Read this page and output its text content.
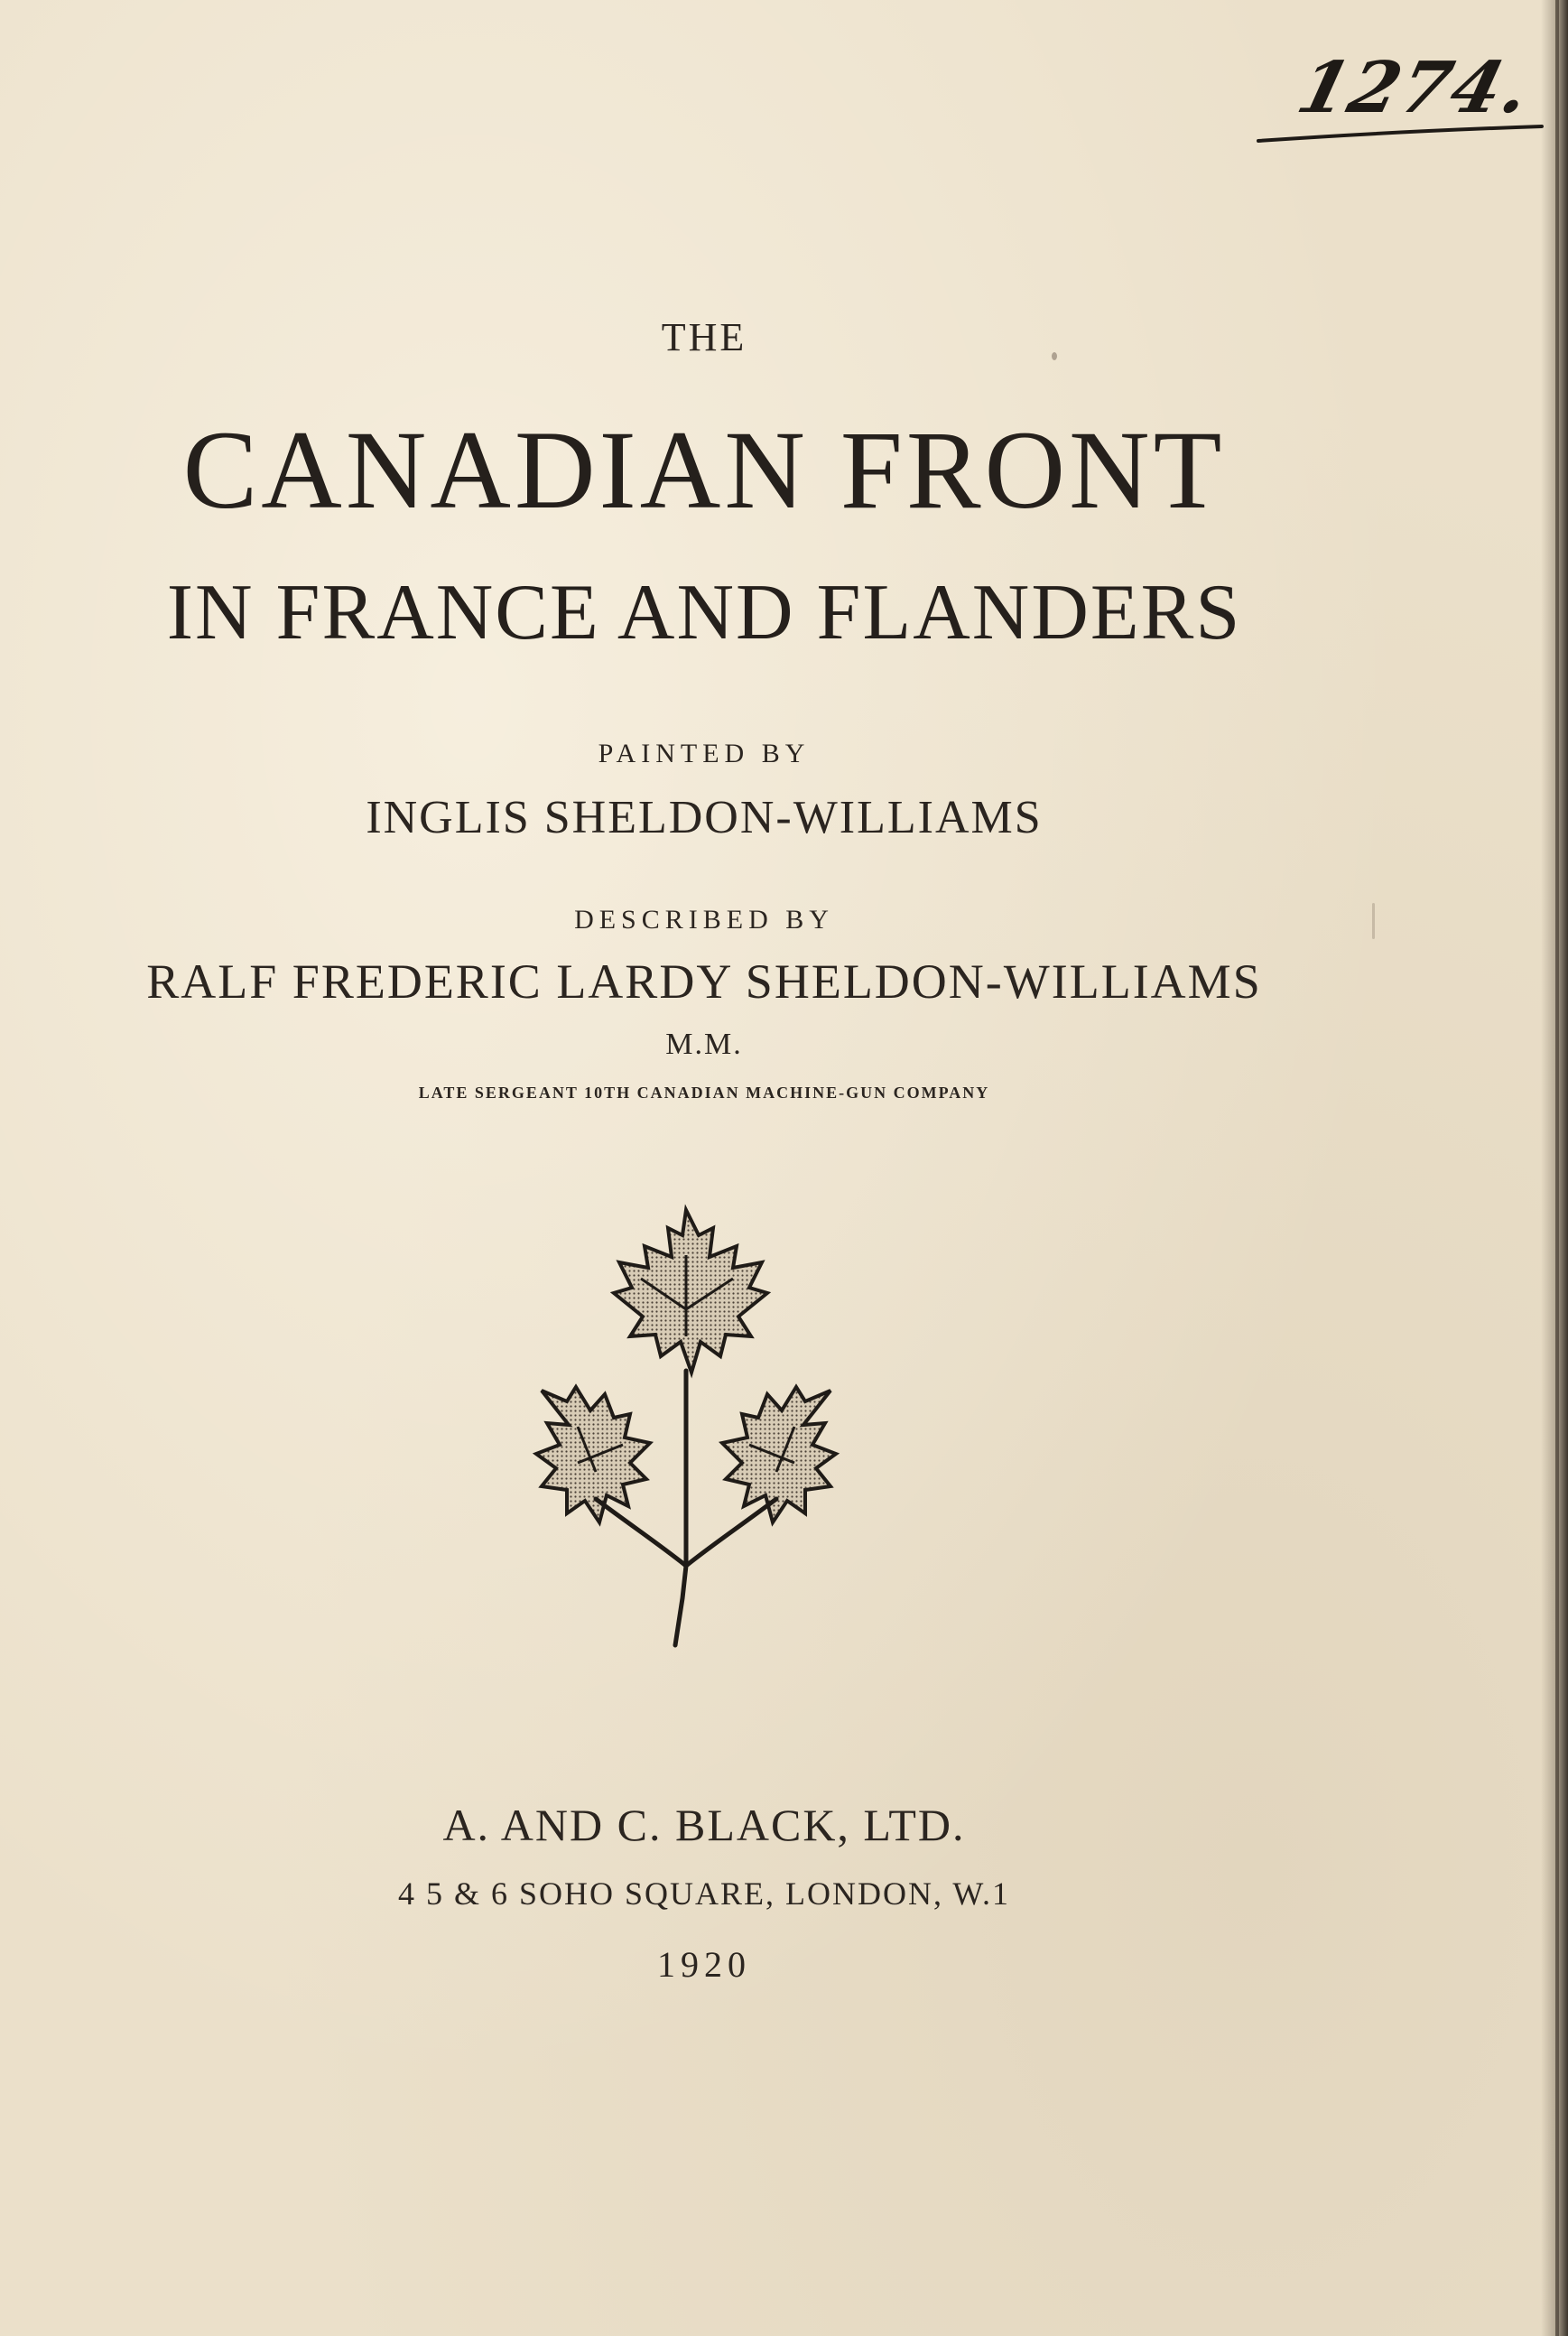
1274.
THE
CANADIAN FRONT
IN FRANCE AND FLANDERS
PAINTED BY
INGLIS SHELDON-WILLIAMS
DESCRIBED BY
RALF FREDERIC LARDY SHELDON-WILLIAMS
M.M.
LATE SERGEANT 10TH CANADIAN MACHINE-GUN COMPANY
A. AND C. BLACK, LTD.
4 5 & 6 SOHO SQUARE, LONDON, W.1
1920
